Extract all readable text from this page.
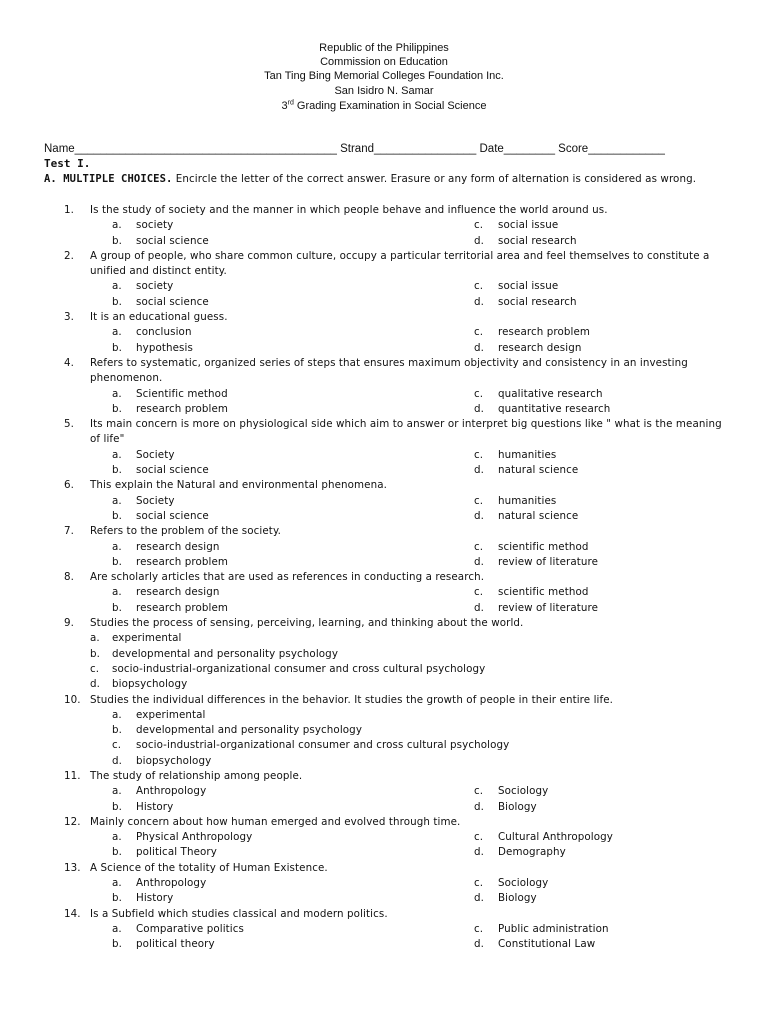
Republic of the Philippines
Commission on Education
Tan Ting Bing Memorial Colleges Foundation Inc.
San Isidro N. Samar
3rd Grading Examination in Social Science
Name_________________________________________ Strand________________ Date________ Score____________
Test I.
A. MULTIPLE CHOICES. Encircle the letter of the correct answer. Erasure or any form of alternation is considered as wrong.
1. Is the study of society and the manner in which people behave and influence the world around us.
a. society
b. social science
c. social issue
d. social research
2. A group of people, who share common culture, occupy a particular territorial area and feel themselves to constitute a unified and distinct entity.
a. society
b. social science
c. social issue
d. social research
3. It is an educational guess.
a. conclusion
b. hypothesis
c. research problem
d. research design
4. Refers to systematic, organized series of steps that ensures maximum objectivity and consistency in an investing phenomenon.
a. Scientific method
b. research problem
c. qualitative research
d. quantitative research
5. Its main concern is more on physiological side which aim to answer or interpret big questions like " what is the meaning of life"
a. Society
b. social science
c. humanities
d. natural science
6. This explain the Natural and environmental phenomena.
a. Society
b. social science
c. humanities
d. natural science
7. Refers to the problem of the society.
a. research design
b. research problem
c. scientific method
d. review of literature
8. Are scholarly articles that are used as references in conducting a research.
a. research design
b. research problem
c. scientific method
d. review of literature
9. Studies the process of sensing, perceiving, learning, and thinking about the world.
a. experimental
b. developmental and personality psychology
c. socio-industrial-organizational consumer and cross cultural psychology
d. biopsychology
10. Studies the individual differences in the behavior. It studies the growth of people in their entire life.
a. experimental
b. developmental and personality psychology
c. socio-industrial-organizational consumer and cross cultural psychology
d. biopsychology
11. The study of relationship among people.
a. Anthropology
b. History
c. Sociology
d. Biology
12. Mainly concern about how human emerged and evolved through time.
a. Physical Anthropology
b. political Theory
c. Cultural Anthropology
d. Demography
13. A Science of the totality of Human Existence.
a. Anthropology
b. History
c. Sociology
d. Biology
14. Is a Subfield which studies classical and modern politics.
a. Comparative politics
b. political theory
c. Public administration
d. Constitutional Law
